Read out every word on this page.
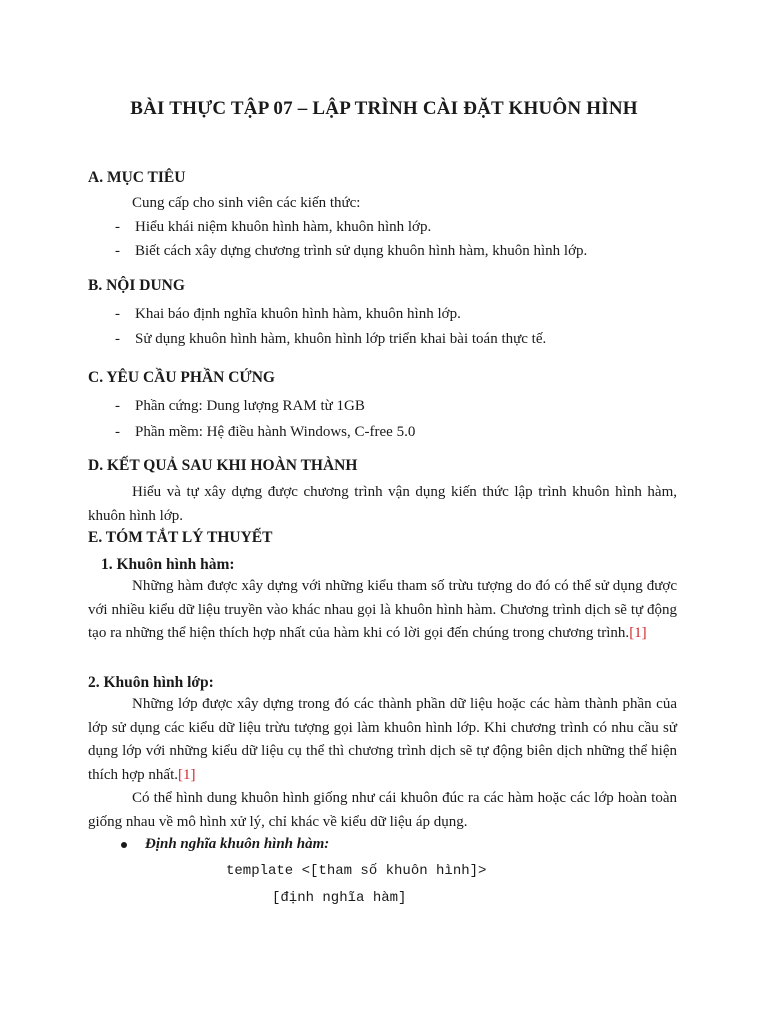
BÀI THỰC TẬP 07 – LẬP TRÌNH CÀI ĐẶT KHUÔN HÌNH
A. MỤC TIÊU
Cung cấp cho sinh viên các kiến thức:
- Hiểu khái niệm khuôn hình hàm, khuôn hình lớp.
- Biết cách xây dựng chương trình sử dụng khuôn hình hàm, khuôn hình lớp.
B. NỘI DUNG
- Khai báo định nghĩa khuôn hình hàm, khuôn hình lớp.
- Sử dụng khuôn hình hàm, khuôn hình lớp triển khai bài toán thực tế.
C. YÊU CẦU PHẦN CỨNG
- Phần cứng: Dung lượng RAM từ 1GB
- Phần mềm: Hệ điều hành Windows, C-free 5.0
D. KẾT QUẢ SAU KHI HOÀN THÀNH
Hiểu và tự xây dựng được chương trình vận dụng kiến thức lập trình khuôn hình hàm, khuôn hình lớp.
E. TÓM TẮT LÝ THUYẾT
1. Khuôn hình hàm:
Những hàm được xây dựng với những kiểu tham số trừu tượng do đó có thể sử dụng được với nhiều kiểu dữ liệu truyền vào khác nhau gọi là khuôn hình hàm. Chương trình dịch sẽ tự động tạo ra những thể hiện thích hợp nhất của hàm khi có lời gọi đến chúng trong chương trình.[1]
2. Khuôn hình lớp:
Những lớp được xây dựng trong đó các thành phần dữ liệu hoặc các hàm thành phần của lớp sử dụng các kiểu dữ liệu trừu tượng gọi làm khuôn hình lớp. Khi chương trình có nhu cầu sử dụng lớp với những kiểu dữ liệu cụ thể thì chương trình dịch sẽ tự động biên dịch những thể hiện thích hợp nhất.[1]
Có thể hình dung khuôn hình giống như cái khuôn đúc ra các hàm hoặc các lớp hoàn toàn giống nhau về mô hình xử lý, chỉ khác về kiểu dữ liệu áp dụng.
Định nghĩa khuôn hình hàm:
template <[tham số khuôn hình]>
[định nghĩa hàm]
